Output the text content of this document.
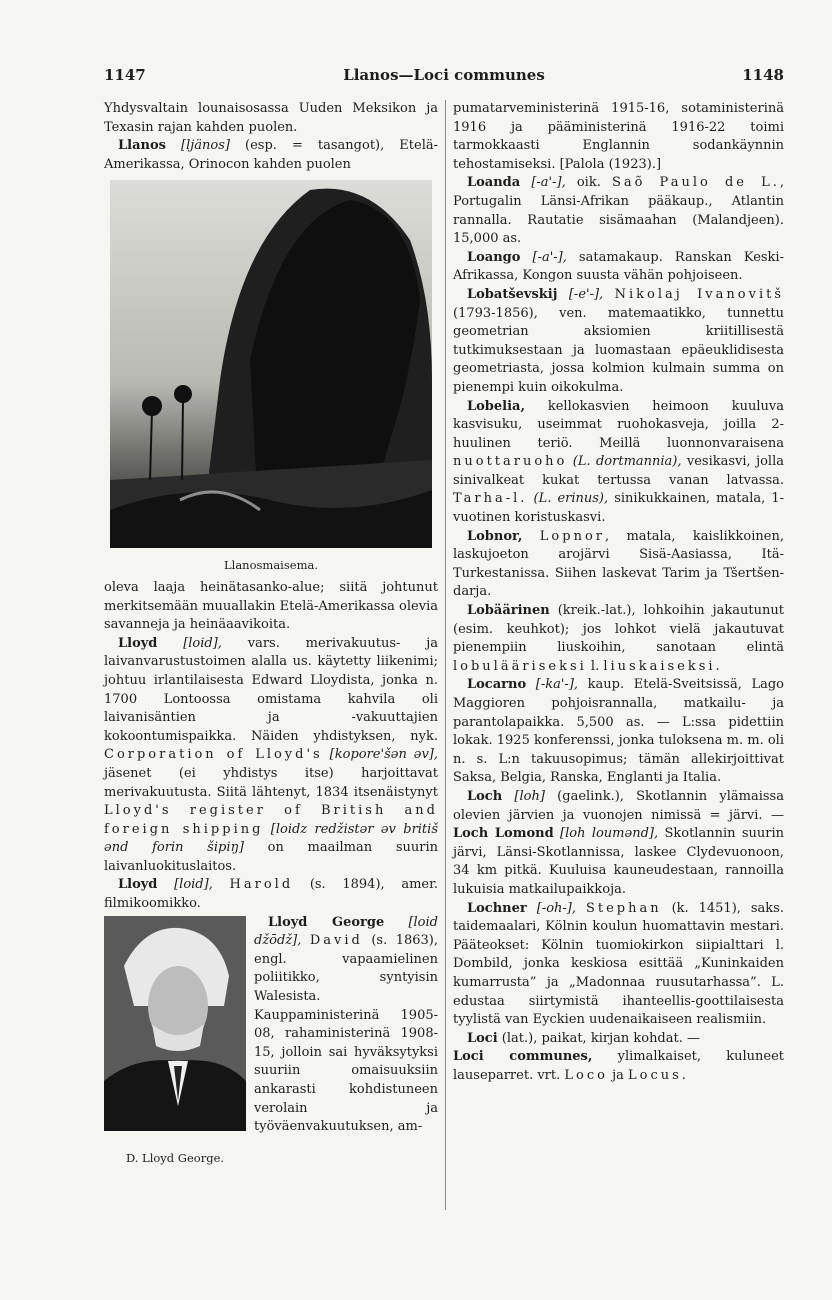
1147	Llanos—Loci communes	1148

Yhdysvaltain lounaisosassa Uuden Meksikon ja Texasin rajan kahden puolen.

Llanos [ljänos] (esp. = tasangot), Etelä-Amerikassa, Orinocon kahden puolen

Llanosmaisema.

oleva laaja heinätasanko-alue; siitä johtunut merkitsemään muuallakin Etelä-Amerikassa olevia savanneja ja heinäaavikoita.

Lloyd [loid], vars. merivakuutus- ja laivanvarustustoimen alalla us. käytetty liikenimi; johtuu irlantilaisesta Edward Lloydista, jonka n. 1700 Lontoossa omistama kahvila oli laivanisäntien ja -vakuuttajien kokoontumispaikka. Näiden yhdistyksen, nyk. Corporation of Lloyd's [kopore'šən əv], jäsenet (ei yhdistys itse) harjoittavat merivakuutusta. Siitä lähtenyt, 1834 itsenäistynyt Lloyd's register of British and foreign shipping [loidz redžistər əv britiš ənd forin šipiŋ] on maailman suurin laivanluokituslaitos.

Lloyd [loid], Harold (s. 1894), amer. filmikoomikko.

D. Lloyd George.

Lloyd George [loid džōdž], David (s. 1863), engl. vapaamielinen poliitikko, syntyisin Walesista. Kauppaministerinä 1905-08, rahaministerinä 1908-15, jolloin sai hyväksytyksi suuriin omaisuuksiin ankarasti kohdistuneen verolain ja työväenvakuutuksen, am-

pumatarveministerinä 1915-16, sotaministerinä 1916 ja pääministerinä 1916-22 toimi tarmokkaasti Englannin sodankäynnin tehostamiseksi. [Palola (1923).]

Loanda [-a'-], oik. Saõ Paulo de L., Portugalin Länsi-Afrikan pääkaup., Atlantin rannalla. Rautatie sisämaahan (Malandjeen). 15,000 as.

Loango [-a'-], satamakaup. Ranskan Keski-Afrikassa, Kongon suusta vähän pohjoiseen.

Lobatševskij [-e'-], Nikolaj Ivanovitš (1793-1856), ven. matemaatikko, tunnettu geometrian aksiomien kriitillisestä tutkimuksestaan ja luomastaan epäeuklidisesta geometriasta, jossa kolmion kulmain summa on pienempi kuin oikokulma.

Lobelia, kellokasvien heimoon kuuluva kasvisuku, useimmat ruohokasveja, joilla 2-huulinen teriö. Meillä luonnonvaraisena nuottaruoho (L. dortmannia), vesikasvi, jolla sinivalkeat kukat tertussa vanan latvassa. Tarha-l. (L. erinus), sinikukkainen, matala, 1-vuotinen koristuskasvi.

Lobnor, Lopnor, matala, kaislikkoinen, laskujoeton arojärvi Sisä-Aasiassa, Itä-Turkestanissa. Siihen laskevat Tarim ja Tšertšen-darja.

Lobäärinen (kreik.-lat.), lohkoihin jakautunut (esim. keuhkot); jos lohkot vielä jakautuvat pienempiin liuskoihin, sanotaan elintä lobulääriseksi l. liuskaiseksi.

Locarno [-ka'-], kaup. Etelä-Sveitsissä, Lago Maggioren pohjoisrannalla, matkailu- ja parantolapaikka. 5,500 as. — L:ssa pidettiin lokak. 1925 konferenssi, jonka tuloksena m. m. oli n. s. L:n takuusopimus; tämän allekirjoittivat Saksa, Belgia, Ranska, Englanti ja Italia.

Loch [loh] (gaelink.), Skotlannin ylämaissa olevien järvien ja vuonojen nimissä = järvi. — Loch Lomond [loh loumənd], Skotlannin suurin järvi, Länsi-Skotlannissa, laskee Clydevuonoon, 34 km pitkä. Kuuluisa kauneudestaan, rannoilla lukuisia matkailupaikkoja.

Lochner [-oh-], Stephan (k. 1451), saks. taidemaalari, Kölnin koulun huomattavin mestari. Pääteokset: Kölnin tuomiokirkon siipialttari l. Dombild, jonka keskiosa esittää „Kuninkaiden kumarrusta” ja „Madonnaa ruusutarhassa”. L. edustaa siirtymistä ihanteellis-goottilaisesta tyylistä van Eyckien uudenaikaiseen realismiin.

Loci (lat.), paikat, kirjan kohdat. —

Loci communes, ylimalkaiset, kuluneet lauseparret. vrt. Loco ja Locus.
